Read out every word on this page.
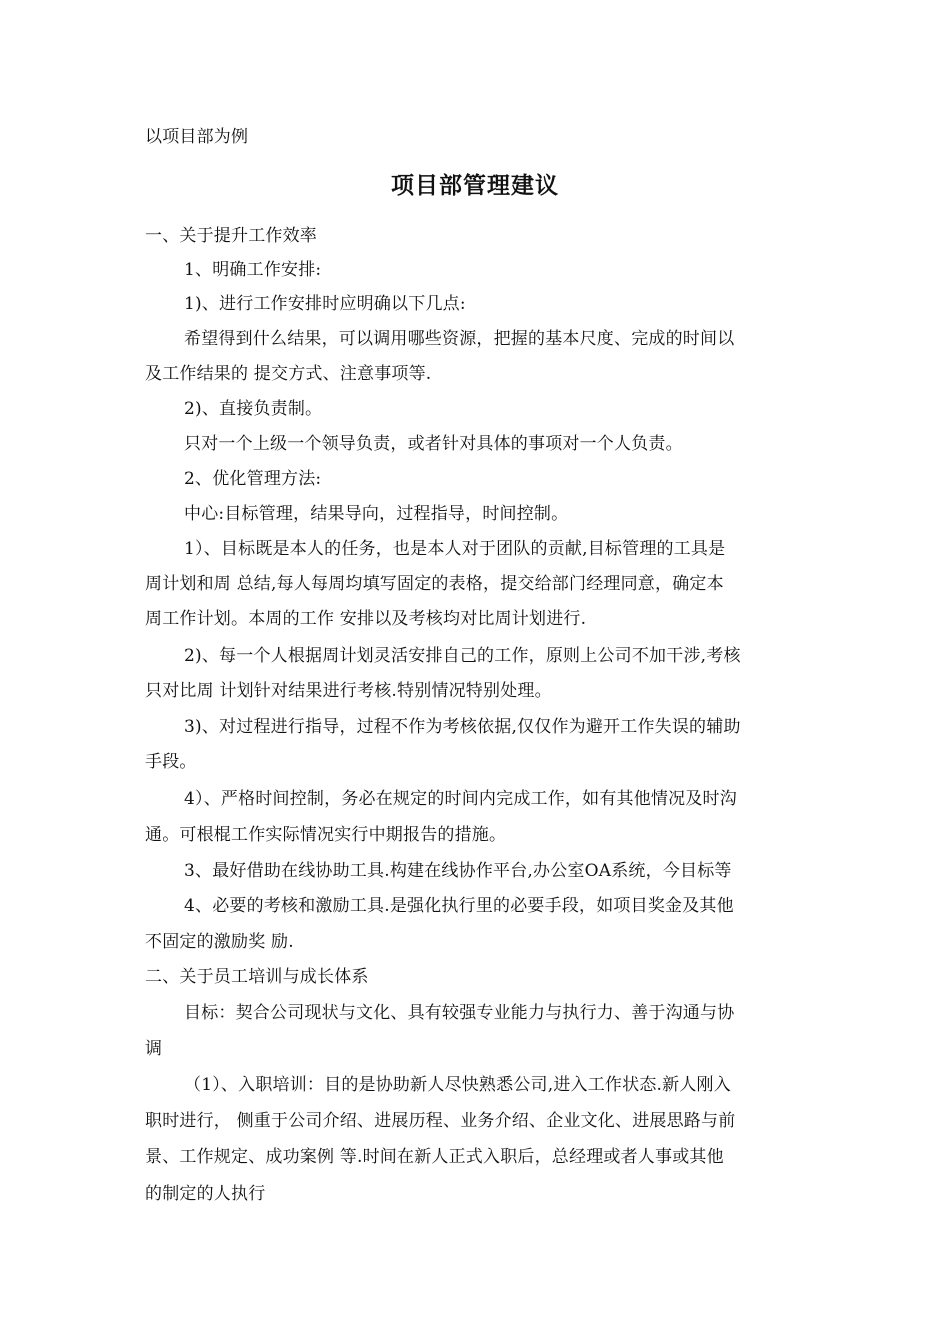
以项目部为例
项目部管理建议
一、关于提升工作效率
1、明确工作安排:
1)、进行工作安排时应明确以下几点:
希望得到什么结果，可以调用哪些资源，把握的基本尺度、完成的时间以
及工作结果的 提交方式、注意事项等.
2)、直接负责制。
只对一个上级一个领导负责，或者针对具体的事项对一个人负责。
2、优化管理方法:
中心:目标管理，结果导向，过程指导，时间控制。
1）、目标既是本人的任务，也是本人对于团队的贡献,目标管理的工具是
周计划和周 总结,每人每周均填写固定的表格，提交给部门经理同意，确定本
周工作计划。本周的工作 安排以及考核均对比周计划进行.
2)、每一个人根据周计划灵活安排自己的工作，原则上公司不加干涉,考核
只对比周 计划针对结果进行考核.特别情况特别处理。
3)、对过程进行指导，过程不作为考核依据,仅仅作为避开工作失误的辅助
手段。
4）、严格时间控制，务必在规定的时间内完成工作，如有其他情况及时沟
通。可根棍工作实际情况实行中期报告的措施。
3、最好借助在线协助工具.构建在线协作平台,办公室OA系统，今目标等
4、必要的考核和激励工具.是强化执行里的必要手段，如项目奖金及其他
不固定的激励奖 励.
二、关于员工培训与成长体系
目标：契合公司现状与文化、具有较强专业能力与执行力、善于沟通与协
调
（1）、入职培训：目的是协助新人尽快熟悉公司,进入工作状态.新人刚入
职时进行， 侧重于公司介绍、进展历程、业务介绍、企业文化、进展思路与前
景、工作规定、成功案例 等.时间在新人正式入职后，总经理或者人事或其他
的制定的人执行
